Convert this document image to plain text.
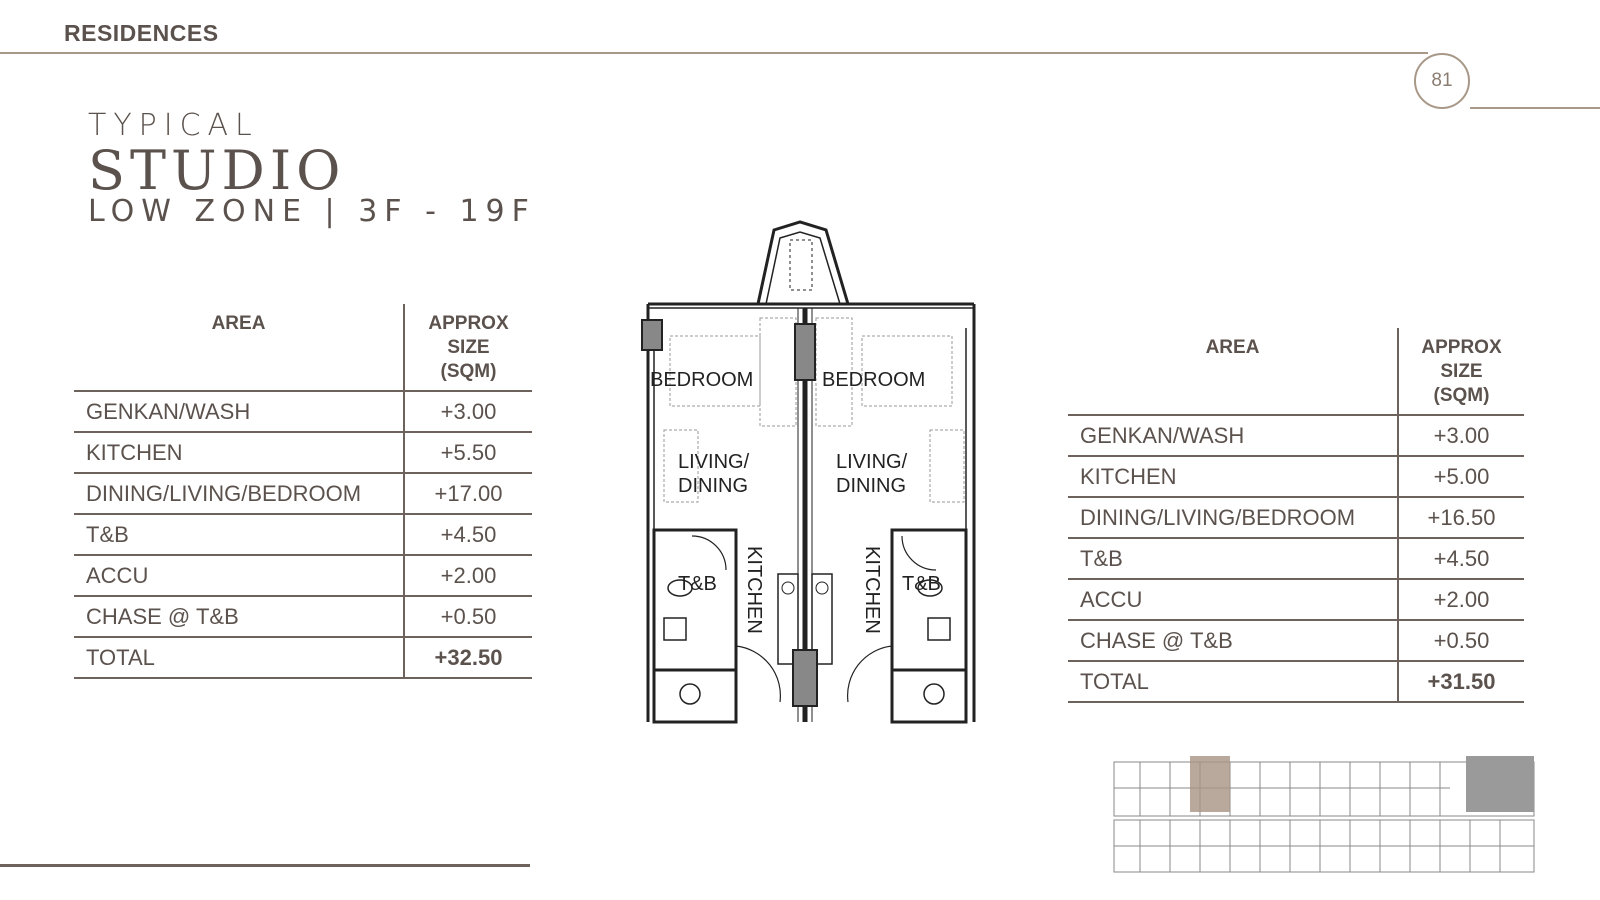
RESIDENCES
81
TYPICAL
STUDIO
LOW ZONE | 3F - 19F
AREA	APPROX
SIZE
(SQM)
GENKAN/WASH	+3.00
KITCHEN	+5.50
DINING/LIVING/BEDROOM	+17.00
T&B	+4.50
ACCU	+2.00
CHASE @ T&B	+0.50
TOTAL	+32.50
AREA	APPROX
SIZE
(SQM)
GENKAN/WASH	+3.00
KITCHEN	+5.00
DINING/LIVING/BEDROOM	+16.50
T&B	+4.50
ACCU	+2.00
CHASE @ T&B	+0.50
TOTAL	+31.50
BEDROOM	BEDROOM
LIVING/
DINING
LIVING/
DINING
T&B	T&B
KITCHEN	KITCHEN
